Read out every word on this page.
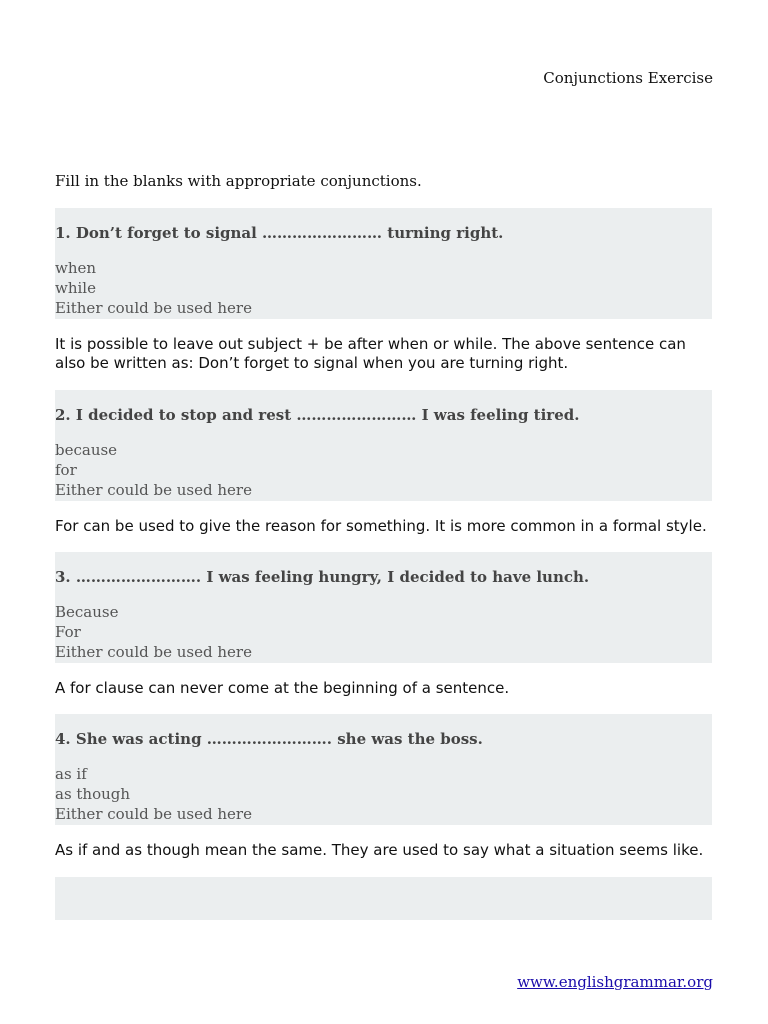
Conjunctions Exercise
Fill in the blanks with appropriate conjunctions.
1. Don’t forget to signal …………………… turning right.
when
while
Either could be used here
It is possible to leave out subject + be after when or while. The above sentence can also be written as: Don’t forget to signal when you are turning right.
2. I decided to stop and rest …………………… I was feeling tired.
because
for
Either could be used here
For can be used to give the reason for something. It is more common in a formal style.
3. ……………………. I was feeling hungry, I decided to have lunch.
Because
For
Either could be used here
A for clause can never come at the beginning of a sentence.
4. She was acting ……………………. she was the boss.
as if
as though
Either could be used here
As if and as though mean the same. They are used to say what a situation seems like.
www.englishgrammar.org
